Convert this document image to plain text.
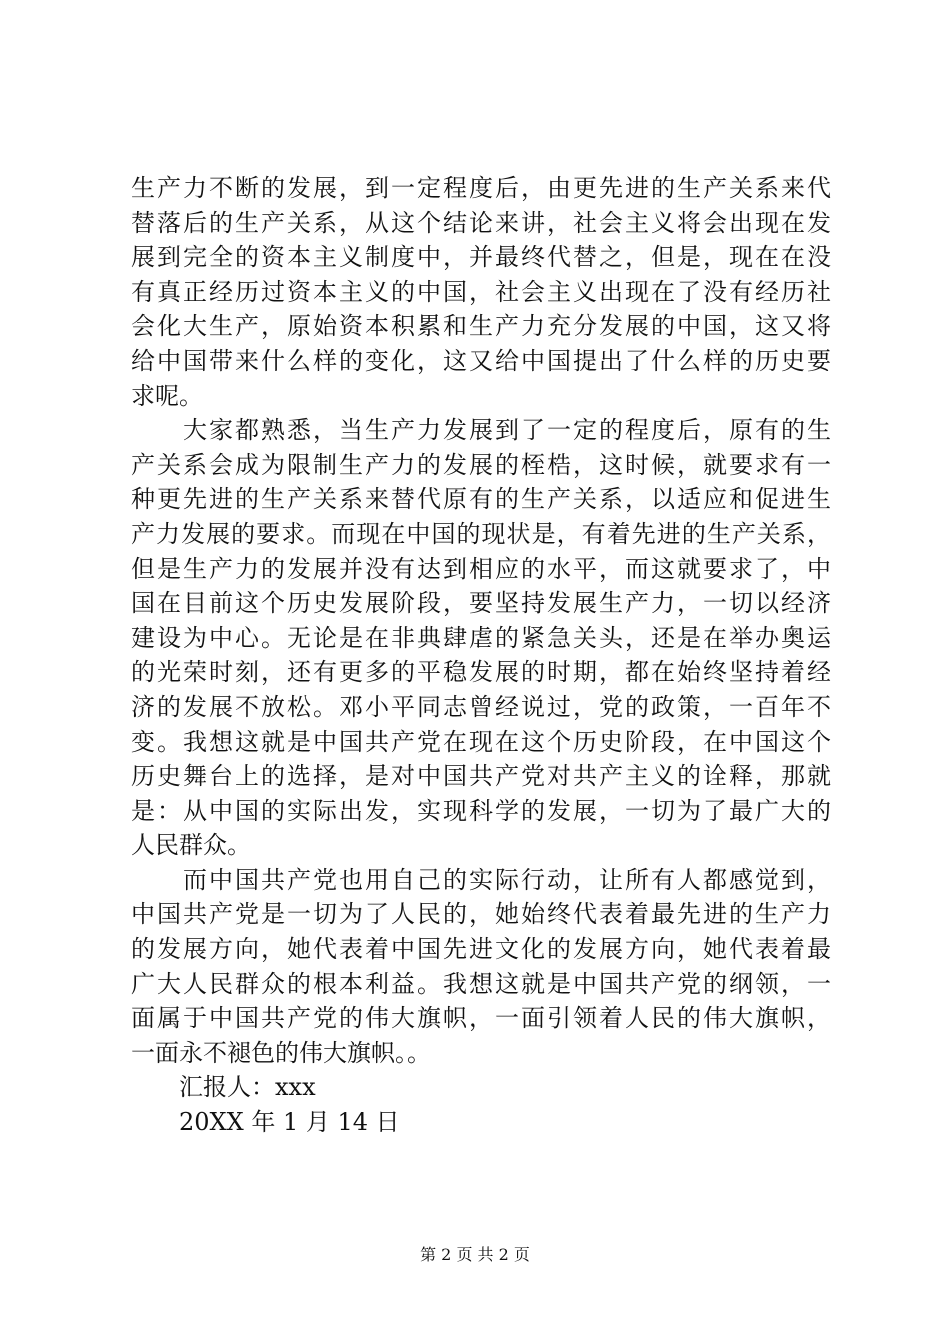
生产力不断的发展，到一定程度后，由更先进的生产关系来代
替落后的生产关系，从这个结论来讲，社会主义将会出现在发
展到完全的资本主义制度中，并最终代替之，但是，现在在没
有真正经历过资本主义的中国，社会主义出现在了没有经历社
会化大生产，原始资本积累和生产力充分发展的中国，这又将
给中国带来什么样的变化，这又给中国提出了什么样的历史要
求呢。
大家都熟悉，当生产力发展到了一定的程度后，原有的生
产关系会成为限制生产力的发展的桎梏，这时候，就要求有一
种更先进的生产关系来替代原有的生产关系，以适应和促进生
产力发展的要求。而现在中国的现状是，有着先进的生产关系，
但是生产力的发展并没有达到相应的水平，而这就要求了，中
国在目前这个历史发展阶段，要坚持发展生产力，一切以经济
建设为中心。无论是在非典肆虐的紧急关头，还是在举办奥运
的光荣时刻，还有更多的平稳发展的时期，都在始终坚持着经
济的发展不放松。邓小平同志曾经说过，党的政策，一百年不
变。我想这就是中国共产党在现在这个历史阶段，在中国这个
历史舞台上的选择，是对中国共产党对共产主义的诠释，那就
是：从中国的实际出发，实现科学的发展，一切为了最广大的
人民群众。
而中国共产党也用自己的实际行动，让所有人都感觉到，
中国共产党是一切为了人民的，她始终代表着最先进的生产力
的发展方向，她代表着中国先进文化的发展方向，她代表着最
广大人民群众的根本利益。我想这就是中国共产党的纲领，一
面属于中国共产党的伟大旗帜，一面引领着人民的伟大旗帜，
一面永不褪色的伟大旗帜。。
汇报人：xxx
20XX 年 1 月 14 日
第 2 页 共 2 页
